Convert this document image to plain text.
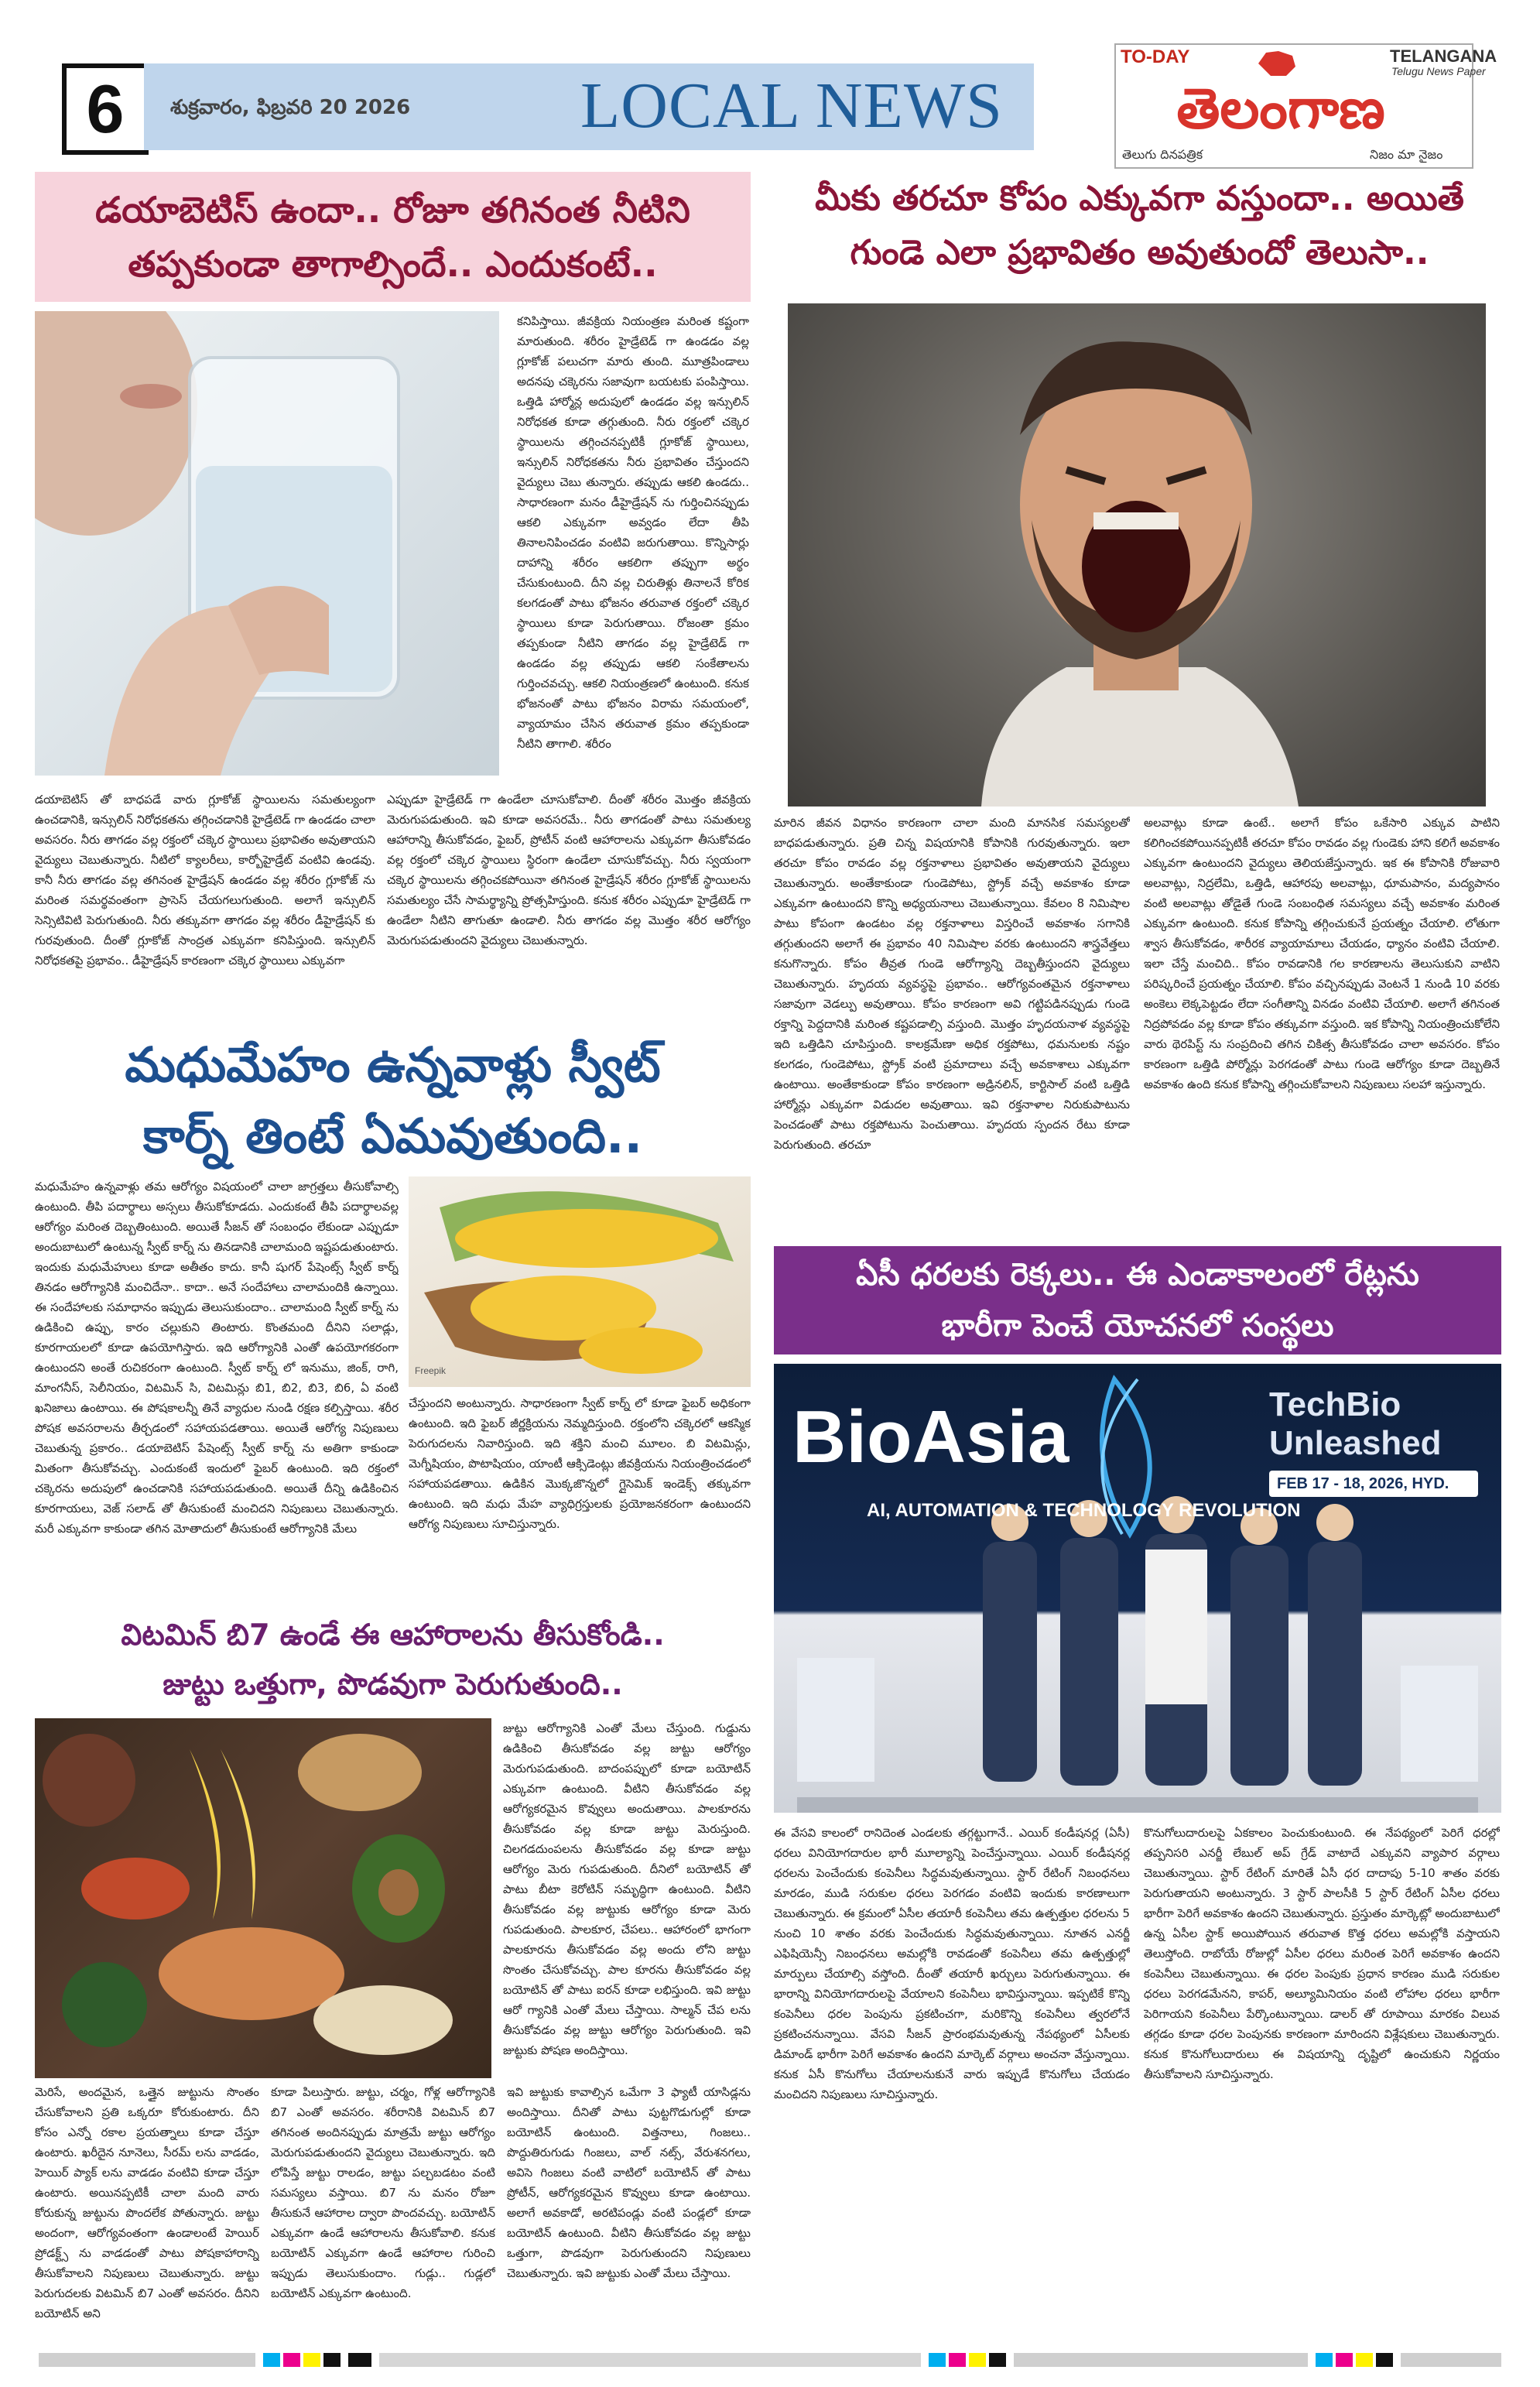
6	శుక్రవారం, ఫిబ్రవరి 20 2026	LOCAL NEWS
TO-DAY	TELANGANA
Telugu News Paper
తెలంగాణ
తెలుగు దినపత్రిక	నిజం మా నైజం
డయాబెటిస్ ఉందా.. రోజూ తగినంత నీటిని
తప్పకుండా తాగాల్సిందే.. ఎందుకంటే..
కనిపిస్తాయి. జీవక్రియ నియంత్రణ మరింత కష్టంగా మారుతుంది. శరీరం హైడ్రేటెడ్ గా ఉండడం వల్ల గ్లూకోజ్ పలుచగా మారు తుంది. మూత్రపిండాలు అదనపు చక్కెరను సజావుగా బయటకు పంపిస్తాయి. ఒత్తిడి హార్మోన్ల అదుపులో ఉండడం వల్ల ఇన్సులిన్ నిరోధకత కూడా తగ్గుతుంది. నీరు రక్తంలో చక్కెర స్థాయిలను తగ్గించనప్పటికీ గ్లూకోజ్ స్థాయిలు, ఇన్సులిన్ నిరోధకతను నీరు ప్రభావితం చేస్తుందని వైద్యులు చెబు తున్నారు. తప్పుడు ఆకలి ఉండదు.. సాధారణంగా మనం డీహైడ్రేషన్ ను గుర్తించినప్పుడు ఆకలి ఎక్కువగా అవ్వడం లేదా తీపి తినాలనిపించడం వంటివి జరుగుతాయి. కొన్నిసార్లు దాహాన్ని శరీరం ఆకలిగా తప్పుగా అర్థం చేసుకుంటుంది. దీని వల్ల చిరుతిళ్లు తినాలనే కోరిక కలగడంతో పాటు భోజనం తరువాత రక్తంలో చక్కెర స్థాయిలు కూడా పెరుగుతాయి. రోజంతా క్రమం తప్పకుండా నీటిని తాగడం వల్ల హైడ్రేటెడ్ గా ఉండడం వల్ల తప్పుడు ఆకలి సంకేతాలను గుర్తించవచ్చు. ఆకలి నియంత్రణలో ఉంటుంది. కనుక భోజనంతో పాటు భోజనం విరామ సమయంలో, వ్యాయామం చేసిన తరువాత క్రమం తప్పకుండా నీటిని తాగాలి. శరీరం
డయాబెటిస్ తో బాధపడే వారు గ్లూకోజ్ స్థాయిలను సమతుల్యంగా ఉంచడానికి, ఇన్సులిన్ నిరోధకతను తగ్గించడానికి హైడ్రేటెడ్ గా ఉండడం చాలా అవసరం. నీరు తాగడం వల్ల రక్తంలో చక్కెర స్థాయిలు ప్రభావితం అవుతాయని వైద్యులు చెబుతున్నారు. నీటిలో క్యాలరీలు, కార్బోహైడ్రేట్ వంటివి ఉండవు. కానీ నీరు తాగడం వల్ల తగినంత హైడ్రేషన్ ఉండడం వల్ల శరీరం గ్లూకోజ్ ను మరింత సమర్థవంతంగా ప్రాసెస్ చేయగలుగుతుంది. అలాగే ఇన్సులిన్ సెన్సిటివిటి పెరుగుతుంది. నీరు తక్కువగా తాగడం వల్ల శరీరం డీహైడ్రేషన్ కు గురవుతుంది. దీంతో గ్లూకోజ్ సాంద్రత ఎక్కువగా కనిపిస్తుంది. ఇన్సులిన్ నిరోధకతపై ప్రభావం.. డీహైడ్రేషన్ కారణంగా చక్కెర స్థాయిలు ఎక్కువగా
ఎప్పుడూ హైడ్రేటెడ్ గా ఉండేలా చూసుకోవాలి. దీంతో శరీరం మొత్తం జీవక్రియ మెరుగుపడుతుంది. ఇవి కూడా అవసరమే.. నీరు తాగడంతో పాటు సమతుల్య ఆహారాన్ని తీసుకోవడం, ఫైబర్, ప్రోటీన్ వంటి ఆహారాలను ఎక్కువగా తీసుకోవడం వల్ల రక్తంలో చక్కెర స్థాయిలు స్థిరంగా ఉండేలా చూసుకోవచ్చు. నీరు స్వయంగా చక్కెర స్థాయిలను తగ్గించకపోయినా తగినంత హైడ్రేషన్ శరీరం గ్లూకోజ్ స్థాయిలను సమతుల్యం చేసే సామర్థ్యాన్ని ప్రోత్సహిస్తుంది. కనుక శరీరం ఎప్పుడూ హైడ్రేటెడ్ గా ఉండేలా నీటిని తాగుతూ ఉండాలి. నీరు తాగడం వల్ల మొత్తం శరీర ఆరోగ్యం మెరుగుపడుతుందని వైద్యులు చెబుతున్నారు.
మీకు తరచూ కోపం ఎక్కువగా వస్తుందా.. అయితే
గుండె ఎలా ప్రభావితం అవుతుందో తెలుసా..
మారిన జీవన విధానం కారణంగా చాలా మంది మానసిక సమస్యలతో బాధపడుతున్నారు. ప్రతి చిన్న విషయానికి కోపానికి గురవుతున్నారు. ఇలా తరచూ కోపం రావడం వల్ల రక్తనాళాలు ప్రభావితం అవుతాయని వైద్యులు చెబుతున్నారు. అంతేకాకుండా గుండెపోటు, స్ట్రోక్ వచ్చే అవకాశం కూడా ఎక్కువగా ఉంటుందని కొన్ని అధ్యయనాలు చెబుతున్నాయి. కేవలం 8 నిమిషాల పాటు కోపంగా ఉండటం వల్ల రక్తనాళాలు విస్తరించే అవకాశం సగానికి తగ్గుతుందని అలాగే ఈ ప్రభావం 40 నిమిషాల వరకు ఉంటుందని శాస్త్రవేత్తలు కనుగొన్నారు. కోపం తీవ్రత గుండె ఆరోగ్యాన్ని దెబ్బతీస్తుందని వైద్యులు చెబుతున్నారు. హృదయ వ్యవస్థపై ప్రభావం.. ఆరోగ్యవంతమైన రక్తనాళాలు సజావుగా వెడల్పు అవుతాయి. కోపం కారణంగా అవి గట్టిపడినప్పుడు గుండె రక్తాన్ని పెద్దదానికి మరింత కష్టపడాల్సి వస్తుంది. మొత్తం హృదయనాళ వ్యవస్థపై ఇది ఒత్తిడిని చూపిస్తుంది. కాలక్రమేణా అధిక రక్తపోటు, ధమనులకు నష్టం కలగడం, గుండెపోటు, స్ట్రోక్ వంటి ప్రమాదాలు వచ్చే అవకాశాలు ఎక్కువగా ఉంటాయి. అంతేకాకుండా కోపం కారణంగా అడ్రినలిన్, కార్టిసాల్ వంటి ఒత్తిడి హార్మోన్లు ఎక్కువగా విడుదల అవుతాయి. ఇవి రక్తనాళాల నిరుకుపాటును పెంచడంతో పాటు రక్తపోటును పెంచుతాయి. హృదయ స్పందన రేటు కూడా పెరుగుతుంది. తరచూ
అలవాట్లు కూడా ఉంటే.. అలాగే కోపం ఒకేసారి ఎక్కువ పాటిని కలిగించకపోయినప్పటికీ తరచూ కోపం రావడం వల్ల గుండెకు హాని కలిగే అవకాశం ఎక్కువగా ఉంటుందని వైద్యులు తెలియజేస్తున్నారు. ఇక ఈ కోపానికి రోజువారి అలవాట్లు, నిద్రలేమి, ఒత్తిడి, ఆహారపు అలవాట్లు, ధూమపానం, మద్యపానం వంటి అలవాట్లు తోడైతే గుండె సంబంధిత సమస్యలు వచ్చే అవకాశం మరింత ఎక్కువగా ఉంటుంది. కనుక కోపాన్ని తగ్గించుకునే ప్రయత్నం చేయాలి. లోతుగా శ్వాస తీసుకోవడం, శారీరక వ్యాయామాలు చేయడం, ధ్యానం వంటివి చేయాలి. ఇలా చేస్తే మంచిది.. కోపం రావడానికి గల కారణాలను తెలుసుకుని వాటిని పరిష్కరించే ప్రయత్నం చేయాలి. కోపం వచ్చినప్పుడు వెంటనే 1 నుండి 10 వరకు అంకెలు లెక్కపెట్టడం లేదా సంగీతాన్ని వినడం వంటివి చేయాలి. అలాగే తగినంత నిద్రపోవడం వల్ల కూడా కోపం తక్కువగా వస్తుంది. ఇక కోపాన్ని నియంత్రించుకోలేని వారు థెరపిస్ట్ ను సంప్రదించి తగిన చికిత్స తీసుకోవడం చాలా అవసరం. కోపం కారణంగా ఒత్తిడి పోర్మోన్లు పెరగడంతో పాటు గుండె ఆరోగ్యం కూడా దెబ్బతినే అవకాశం ఉంది కనుక కోపాన్ని తగ్గించుకోవాలని నిపుణులు సలహా ఇస్తున్నారు.
మధుమేహం ఉన్నవాళ్లు స్వీట్
కార్న్ తింటే ఏమవుతుంది..
మధుమేహం ఉన్నవాళ్లు తమ ఆరోగ్యం విషయంలో చాలా జాగ్రత్తలు తీసుకోవాల్సి ఉంటుంది. తీపి పదార్థాలు అస్సలు తీసుకోకూడదు. ఎందుకంటే తీపి పదార్థాలవల్ల ఆరోగ్యం మరింత దెబ్బతింటుంది. అయితే సీజన్ తో సంబంధం లేకుండా ఎప్పుడూ అందుబాటులో ఉంటున్న స్వీట్ కార్న్ ను తినడానికి చాలామంది ఇష్టపడుతుంటారు. ఇందుకు మధుమేహులు కూడా అతీతం కాదు. కానీ షుగర్ పేషెంట్స్ స్వీట్ కార్న్ తినడం ఆరోగ్యానికి మంచిదేనా.. కాదా.. అనే సందేహాలు చాలామందికి ఉన్నాయి. ఈ సందేహాలకు సమాధానం ఇప్పుడు తెలుసుకుందాం.. చాలామంది స్వీట్ కార్న్ ను ఉడికించి ఉప్పు, కారం చల్లుకుని తింటారు. కొంతమంది దీనిని సలాడ్లు, కూరగాయలలో కూడా ఉపయోగిస్తారు. ఇది ఆరోగ్యానికి ఎంతో ఉపయోగకరంగా ఉంటుందని అంతే రుచికరంగా ఉంటుంది. స్వీట్ కార్న్ లో ఇనుము, జింక్, రాగి, మాంగనీస్, సెలీనియం, విటమిన్ సి, విటమిన్లు బి1, బి2, బి3, బి6, ఏ వంటి ఖనిజాలు ఉంటాయి. ఈ పోషకాలన్నీ తినే వ్యాధుల నుండి రక్షణ కల్పిస్తాయి. శరీర పోషక అవసరాలను తీర్చడంలో సహాయపడతాయి. అయితే ఆరోగ్య నిపుణులు చెబుతున్న ప్రకారం.. డయాబెటిస్ పేషెంట్స్ స్వీట్ కార్న్ ను అతిగా కాకుండా మితంగా తీసుకోవచ్చు. ఎందుకంటే ఇందులో ఫైబర్ ఉంటుంది. ఇది రక్తంలో చక్కెరను అదుపులో ఉంచడానికి సహాయపడుతుంది. అయితే దీన్ని ఉడికించిన కూరగాయలు, వెజ్ సలాడ్ తో తీసుకుంటే మంచిదని నిపుణులు చెబుతున్నారు. మరీ ఎక్కువగా కాకుండా తగిన మోతాదులో తీసుకుంటే ఆరోగ్యానికి మేలు
Freepik
చేస్తుందని అంటున్నారు. సాధారణంగా స్వీట్ కార్న్ లో కూడా ఫైబర్ అధికంగా ఉంటుంది. ఇది ఫైబర్ జీర్ణక్రియను నెమ్మదిస్తుంది. రక్తంలోని చక్కెరలో ఆకస్మిక పెరుగుదలను నివారిస్తుంది. ఇది శక్తిని మంచి మూలం. బి విటమిన్లు, మెగ్నీషియం, పొటాషియం, యాంటీ ఆక్సిడెంట్లు జీవక్రియను నియంత్రించడంలో సహాయపడతాయి. ఉడికిన మొక్కజొన్నలో గ్లైసెమిక్ ఇండెక్స్ తక్కువగా ఉంటుంది. ఇది మధు మేహ వ్యాధిగ్రస్తులకు ప్రయోజనకరంగా ఉంటుందని ఆరోగ్య నిపుణులు సూచిస్తున్నారు.
విటమిన్ బి7 ఉండే ఈ ఆహారాలను తీసుకోండి..
జుట్టు ఒత్తుగా, పొడవుగా పెరుగుతుంది..
జుట్టు ఆరోగ్యానికి ఎంతో మేలు చేస్తుంది. గుడ్డును ఉడికించి తీసుకోవడం వల్ల జుట్టు ఆరోగ్యం మెరుగుపడుతుంది. బాదంపప్పులో కూడా బయోటిన్ ఎక్కువగా ఉంటుంది. వీటిని తీసుకోవడం వల్ల ఆరోగ్యకరమైన కొవ్వులు అందుతాయి. పాలకూరను తీసుకోవడం వల్ల కూడా జుట్టు మెరుస్తుంది. చిలగడదుంపలను తీసుకోవడం వల్ల కూడా జుట్టు ఆరోగ్యం మెరు గుపడుతుంది. దీనిలో బయోటిన్ తో పాటు బీటా కెరోటిన్ సమృద్ధిగా ఉంటుంది. వీటిని తీసుకోవడం వల్ల జుట్టుకు ఆరోగ్యం కూడా మెరు గుపడుతుంది. పాలకూర, చేపలు.. ఆహారంలో భాగంగా పాలకూరను తీసుకోవడం వల్ల అందు లోని జుట్టు సొంతం చేసుకోవచ్చు. పాల కూరను తీసుకోవడం వల్ల బయోటిన్ తో పాటు ఐరన్ కూడా లభిస్తుంది. ఇవి జుట్టు ఆరో గ్యానికి ఎంతో మేలు చేస్తాయి. సాల్మన్ చేప లను తీసుకోవడం వల్ల జుట్టు ఆరోగ్యం పెరుగుతుంది. ఇవి జుట్టుకు పోషణ అందిస్తాయి.
మెరిసే, అందమైన, ఒత్తైన జుట్టును సొంతం చేసుకోవాలని ప్రతి ఒక్కరూ కోరుకుంటారు. దీని కోసం ఎన్నో రకాల ప్రయత్నాలు కూడా చేస్తూ ఉంటారు. ఖరీదైన నూనెలు, సీరమ్ లను వాడడం, హెయిర్ ప్యాక్ లను వాడడం వంటివి కూడా చేస్తూ ఉంటారు. అయినప్పటికీ చాలా మంది వారు కోరుకున్న జుట్టును పొందలేక పోతున్నారు. జుట్టు అందంగా, ఆరోగ్యవంతంగా ఉండాలంటే హెయిర్ ప్రోడక్ట్స్ ను వాడడంతో పాటు పోషకాహారాన్ని తీసుకోవాలని నిపుణులు చెబుతున్నారు. జుట్టు పెరుగుదలకు విటమిన్ బి7 ఎంతో అవసరం. దీనిని బయోటిన్ అని
కూడా పిలుస్తారు. జుట్టు, చర్మం, గోళ్ల ఆరోగ్యానికి బి7 ఎంతో అవసరం. శరీరానికి విటమిన్ బి7 తగినంత అందినప్పుడు మాత్రమే జుట్టు ఆరోగ్యం మెరుగుపడుతుందని వైద్యులు చెబుతున్నారు. ఇది లోపిస్తే జుట్టు రాలడం, జుట్టు పల్చబడటం వంటి సమస్యలు వస్తాయి. బి7 ను మనం రోజూ తీసుకునే ఆహారాల ద్వారా పొందవచ్చు. బయోటిన్ ఎక్కువగా ఉండే ఆహారాలను తీసుకోవాలి. కనుక బయోటిన్ ఎక్కువగా ఉండే ఆహారాల గురించి ఇప్పుడు తెలుసుకుందాం. గుడ్లు.. గుడ్లలో బయోటిన్ ఎక్కువగా ఉంటుంది.
ఇవి జుట్టుకు కావాల్సిన ఒమేగా 3 ఫ్యాటీ యాసిడ్లను అందిస్తాయి. దీనితో పాటు పుట్టగొడుగుల్లో కూడా బయోటిన్ ఉంటుంది. విత్తనాలు, గింజలు.. పొద్దుతిరుగుడు గింజలు, వాల్ నట్స్, వేరుశనగలు, అవిసె గింజలు వంటి వాటిలో బయోటిన్ తో పాటు ప్రోటీన్, ఆరోగ్యకరమైన కొవ్వులు కూడా ఉంటాయి. అలాగే అవకాడో, అరటిపండ్లు వంటి పండ్లలో కూడా బయోటిన్ ఉంటుంది. వీటిని తీసుకోవడం వల్ల జుట్టు ఒత్తుగా, పొడవుగా పెరుగుతుందని నిపుణులు చెబుతున్నారు. ఇవి జుట్టుకు ఎంతో మేలు చేస్తాయి.
ఏసీ ధరలకు రెక్కలు.. ఈ ఎండాకాలంలో రేట్లను
భారీగా పెంచే యోచనలో సంస్థలు
BioAsia	TechBio
Unleashed
FEB 17 - 18, 2026, HYD.
AI, AUTOMATION & TECHNOLOGY REVOLUTION
ఈ వేసవి కాలంలో రానిదెంత ఎండలకు తగ్గట్టుగానే.. ఎయిర్ కండీషనర్ల (ఏసీ) ధరలు వినియోగదారుల భారీ మూల్యాన్ని పెంచేస్తున్నాయి. ఎయిర్ కండీషనర్ల ధరలను పెంచేందుకు కంపెనీలు సిద్ధమవుతున్నాయి. స్టార్ రేటింగ్ నిబంధనలు మారడం, ముడి సరుకుల ధరలు పెరగడం వంటివి ఇందుకు కారణాలుగా చెబుతున్నారు. ఈ క్రమంలో ఏసీల తయారీ కంపెనీలు తమ ఉత్పత్తుల ధరలను 5 నుంచి 10 శాతం వరకు పెంచేందుకు సిద్ధమవుతున్నాయి. నూతన ఎనర్జీ ఎఫిషియెన్సీ నిబంధనలు అమల్లోకి రావడంతో కంపెనీలు తమ ఉత్పత్తుల్లో మార్పులు చేయాల్సి వస్తోంది. దీంతో తయారీ ఖర్చులు పెరుగుతున్నాయి. ఈ భారాన్ని వినియోగదారులపై వేయాలని కంపెనీలు భావిస్తున్నాయి. ఇప్పటికే కొన్ని కంపెనీలు ధరల పెంపును ప్రకటించగా, మరికొన్ని కంపెనీలు త్వరలోనే ప్రకటించనున్నాయి. వేసవి సీజన్ ప్రారంభమవుతున్న నేపథ్యంలో ఏసీలకు డిమాండ్ భారీగా పెరిగే అవకాశం ఉందని మార్కెట్ వర్గాలు అంచనా వేస్తున్నాయి. కనుక ఏసీ కొనుగోలు చేయాలనుకునే వారు ఇప్పుడే కొనుగోలు చేయడం మంచిదని నిపుణులు సూచిస్తున్నారు.
కొనుగోలుదారులపై ఏకకాలం పెంచుకుంటుంది. ఈ నేపథ్యంలో పెరిగే ధరల్లో తప్పనిసరి ఎనర్జీ లేబుల్ అప్ గ్రేడ్ వాటాదే ఎక్కువని వ్యాపార వర్గాలు చెబుతున్నాయి. స్టార్ రేటింగ్ మారితే ఏసీ ధర దాదాపు 5-10 శాతం వరకు పెరుగుతాయని అంటున్నారు. 3 స్టార్ పాలసీకి 5 స్టార్ రేటింగ్ ఏసీల ధరలు భారీగా పెరిగే అవకాశం ఉందని చెబుతున్నారు. ప్రస్తుతం మార్కెట్లో అందుబాటులో ఉన్న ఏసీల స్టాక్ అయిపోయిన తరువాత కొత్త ధరలు అమల్లోకి వస్తాయని తెలుస్తోంది. రాబోయే రోజుల్లో ఏసీల ధరలు మరింత పెరిగే అవకాశం ఉందని కంపెనీలు చెబుతున్నాయి. ఈ ధరల పెంపుకు ప్రధాన కారణం ముడి సరుకుల ధరలు పెరగడమేనని, కాపర్, అల్యూమినియం వంటి లోహాల ధరలు భారీగా పెరిగాయని కంపెనీలు పేర్కొంటున్నాయి. డాలర్ తో రూపాయి మారకం విలువ తగ్గడం కూడా ధరల పెంపునకు కారణంగా మారిందని విశ్లేషకులు చెబుతున్నారు. కనుక కొనుగోలుదారులు ఈ విషయాన్ని దృష్టిలో ఉంచుకుని నిర్ణయం తీసుకోవాలని సూచిస్తున్నారు.
